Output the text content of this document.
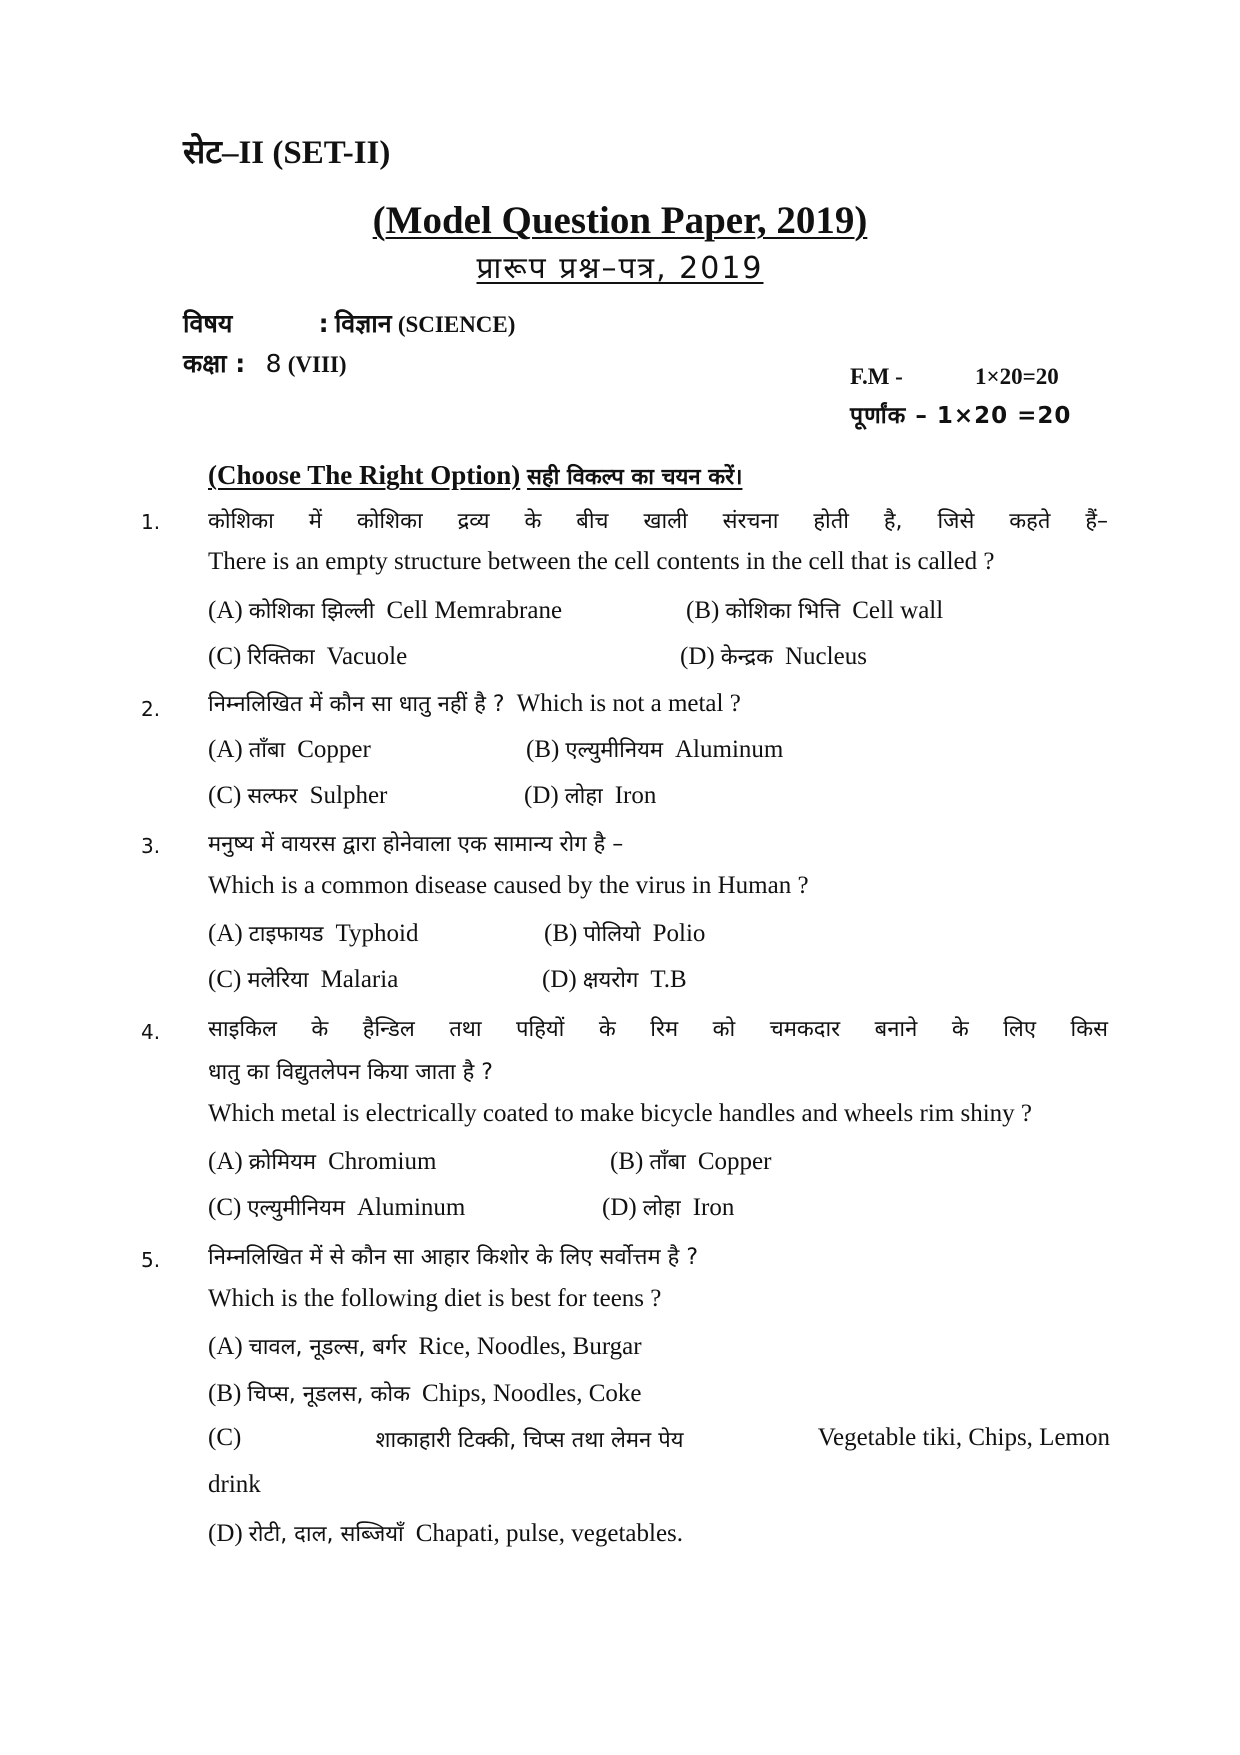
सेट–II (SET-II)
(Model Question Paper, 2019)
प्रारूप प्रश्न–पत्र, 2019
विषय	: विज्ञान (SCIENCE)
कक्षा : 8 (VIII)	F.M -	1×20=20
पूर्णांक – 1×20 =20
(Choose The Right Option) सही विकल्प का चयन करें।
1. कोशिका में कोशिका द्रव्य के बीच खाली संरचना होती है, जिसे कहते हैं–
There is an empty structure between the cell contents in the cell that is called ?
(A) कोशिका झिल्ली Cell Memrabrane	(B) कोशिका भित्ति Cell wall
(C) रिक्तिका Vacuole	(D) केन्द्रक Nucleus
2. निम्नलिखित में कौन सा धातु नहीं है ? Which is not a metal ?
(A) ताँबा Copper	(B) एल्युमीनियम Aluminum
(C) सल्फर Sulpher	(D) लोहा Iron
3. मनुष्य में वायरस द्वारा होनेवाला एक सामान्य रोग है –
Which is a common disease caused by the virus in Human ?
(A) टाइफायड Typhoid	(B) पोलियो Polio
(C) मलेरिया Malaria	(D) क्षयरोग T.B
4. साइकिल के हैन्डिल तथा पहियों के रिम को चमकदार बनाने के लिए किस
धातु का विद्युतलेपन किया जाता है ?
Which metal is electrically coated to make bicycle handles and wheels rim shiny ?
(A) क्रोमियम Chromium	(B) ताँबा Copper
(C) एल्युमीनियम Aluminum	(D) लोहा Iron
5. निम्नलिखित में से कौन सा आहार किशोर के लिए सर्वोत्तम है ?
Which is the following diet is best for teens ?
(A) चावल, नूडल्स, बर्गर Rice, Noodles, Burgar
(B) चिप्स, नूडलस, कोक Chips, Noodles, Coke
(C)	शाकाहारी टिक्की, चिप्स तथा लेमन पेय	Vegetable tiki, Chips, Lemon
drink
(D) रोटी, दाल, सब्जियाँ Chapati, pulse, vegetables.
